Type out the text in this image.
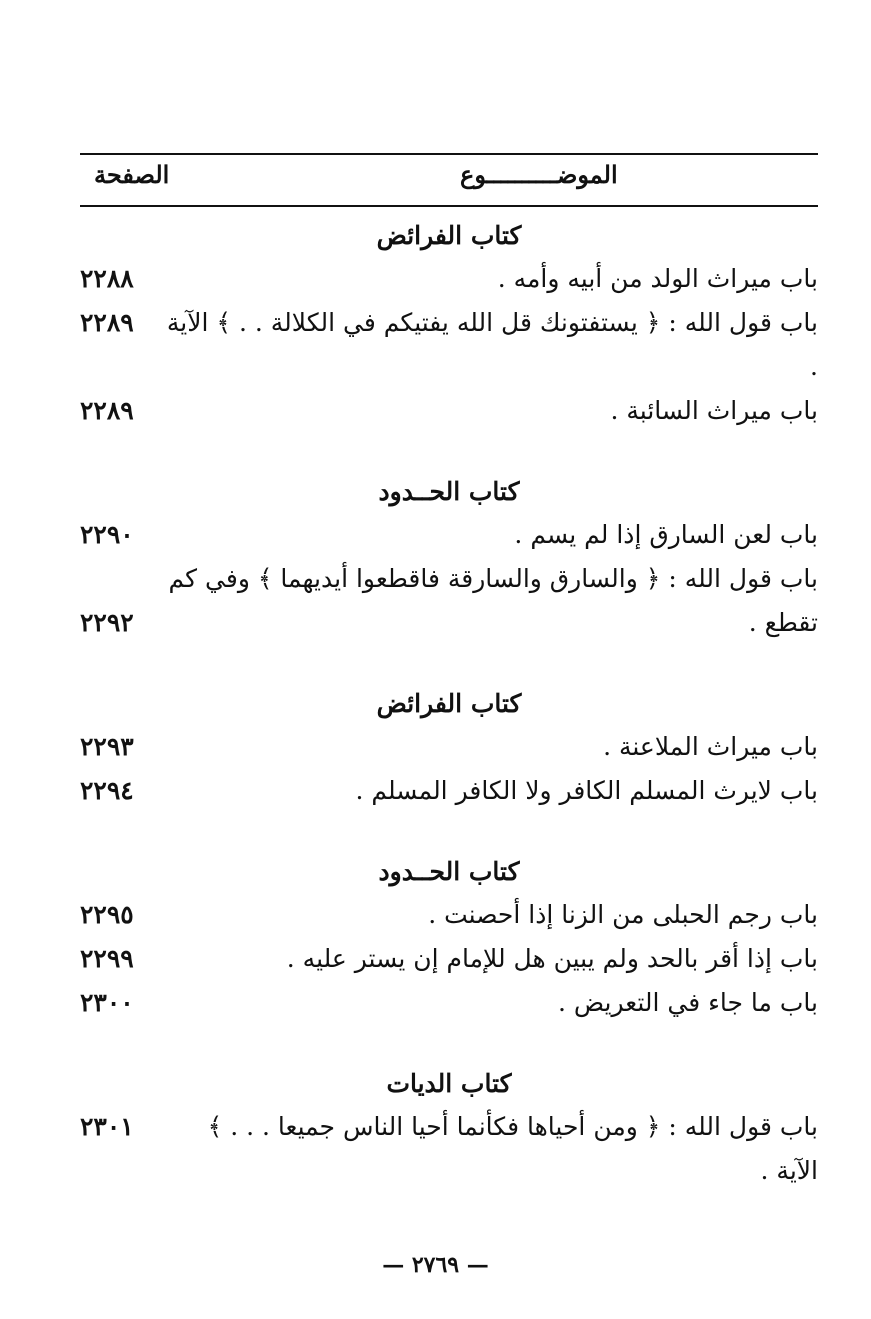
الموضــــــــــوع
الصفحة
كتاب الفرائض
باب ميراث الولد من أبيه وأمه .
٢٢٨٨
باب قول الله : ﴿ يستفتونك قل الله يفتيكم في الكلالة . . ﴾ الآية .
٢٢٨٩
باب ميراث السائبة .
٢٢٨٩
كتاب الحــدود
باب لعن السارق إذا لم يسم .
٢٢٩٠
باب قول الله : ﴿ والسارق والسارقة فاقطعوا أيديهما ﴾ وفي كم تقطع .
٢٢٩٢
كتاب الفرائض
باب ميراث الملاعنة .
٢٢٩٣
باب لايرث المسلم الكافر ولا الكافر المسلم .
٢٢٩٤
كتاب الحــدود
باب رجم الحبلى من الزنا إذا أحصنت .
٢٢٩٥
باب إذا أقر بالحد ولم يبين هل للإمام إن يستر عليه .
٢٢٩٩
باب ما جاء في التعريض .
٢٣٠٠
كتاب الديات
باب قول الله : ﴿ ومن أحياها فكأنما أحيا الناس جميعا . . . ﴾ الآية .
٢٣٠١
— ٢٧٦٩ —
